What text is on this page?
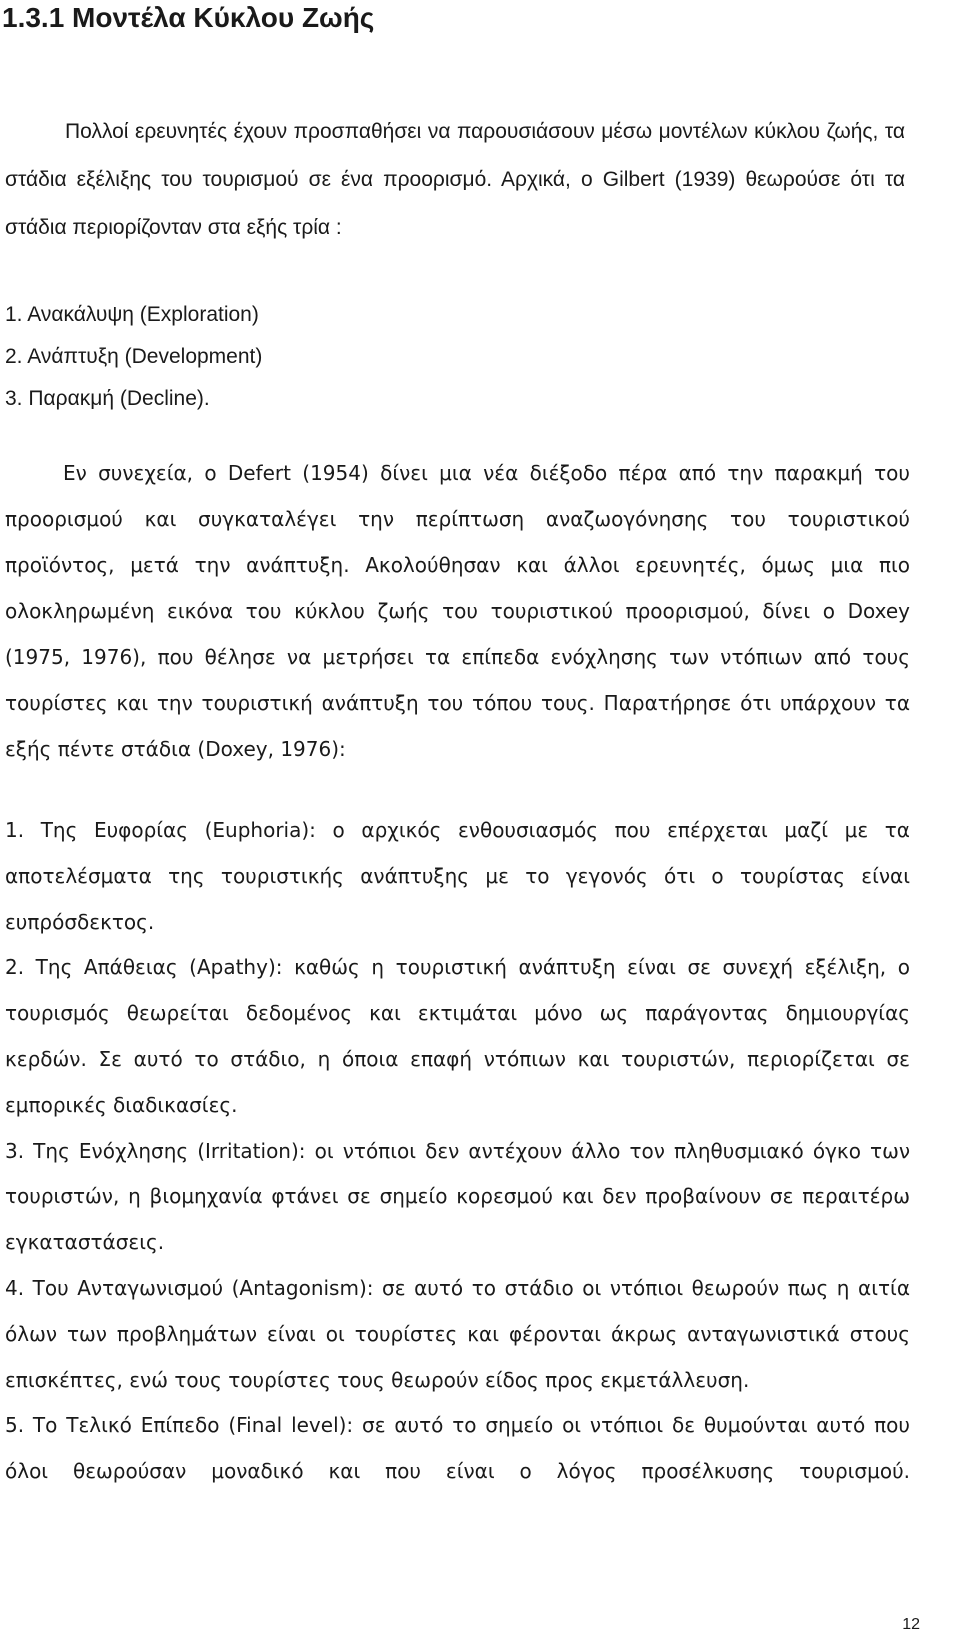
1.3.1 Μοντέλα Κύκλου Ζωής

Πολλοί ερευνητές έχουν προσπαθήσει να παρουσιάσουν μέσω μοντέλων κύκλου ζωής, τα στάδια εξέλιξης του τουρισμού σε ένα προορισμό. Αρχικά, ο Gilbert (1939) θεωρούσε ότι τα στάδια περιορίζονταν στα εξής τρία :

1. Ανακάλυψη (Exploration)
2. Ανάπτυξη (Development)
3. Παρακμή (Decline).

Εν συνεχεία, ο Defert (1954) δίνει μια νέα διέξοδο πέρα από την παρακμή του προορισμού και συγκαταλέγει την περίπτωση αναζωογόνησης του τουριστικού προϊόντος, μετά την ανάπτυξη. Ακολούθησαν και άλλοι ερευνητές, όμως μια πιο ολοκληρωμένη εικόνα του κύκλου ζωής του τουριστικού προορισμού, δίνει ο Doxey (1975, 1976), που θέλησε να μετρήσει τα επίπεδα ενόχλησης των ντόπιων από τους τουρίστες και την τουριστική ανάπτυξη του τόπου τους. Παρατήρησε ότι υπάρχουν τα εξής πέντε στάδια (Doxey, 1976):

1. Της Ευφορίας (Euphoria): ο αρχικός ενθουσιασμός που επέρχεται μαζί με τα αποτελέσματα της τουριστικής ανάπτυξης με το γεγονός ότι ο τουρίστας είναι ευπρόσδεκτος.

2. Της Απάθειας (Apathy): καθώς η τουριστική ανάπτυξη είναι σε συνεχή εξέλιξη, ο τουρισμός θεωρείται δεδομένος και εκτιμάται μόνο ως παράγοντας δημιουργίας κερδών. Σε αυτό το στάδιο, η όποια επαφή ντόπιων και τουριστών, περιορίζεται σε εμπορικές διαδικασίες.

3. Της Ενόχλησης (Irritation): οι ντόπιοι δεν αντέχουν άλλο τον πληθυσμιακό όγκο των τουριστών, η βιομηχανία φτάνει σε σημείο κορεσμού και δεν προβαίνουν σε περαιτέρω εγκαταστάσεις.

4. Του Ανταγωνισμού (Antagonism): σε αυτό το στάδιο οι ντόπιοι θεωρούν πως η αιτία όλων των προβλημάτων είναι οι τουρίστες και φέρονται άκρως ανταγωνιστικά στους επισκέπτες, ενώ τους τουρίστες τους θεωρούν είδος προς εκμετάλλευση.

5. Το Τελικό Επίπεδο (Final level): σε αυτό το σημείο οι ντόπιοι δε θυμούνται αυτό που όλοι θεωρούσαν μοναδικό και που είναι ο λόγος προσέλκυσης τουρισμού.

12
